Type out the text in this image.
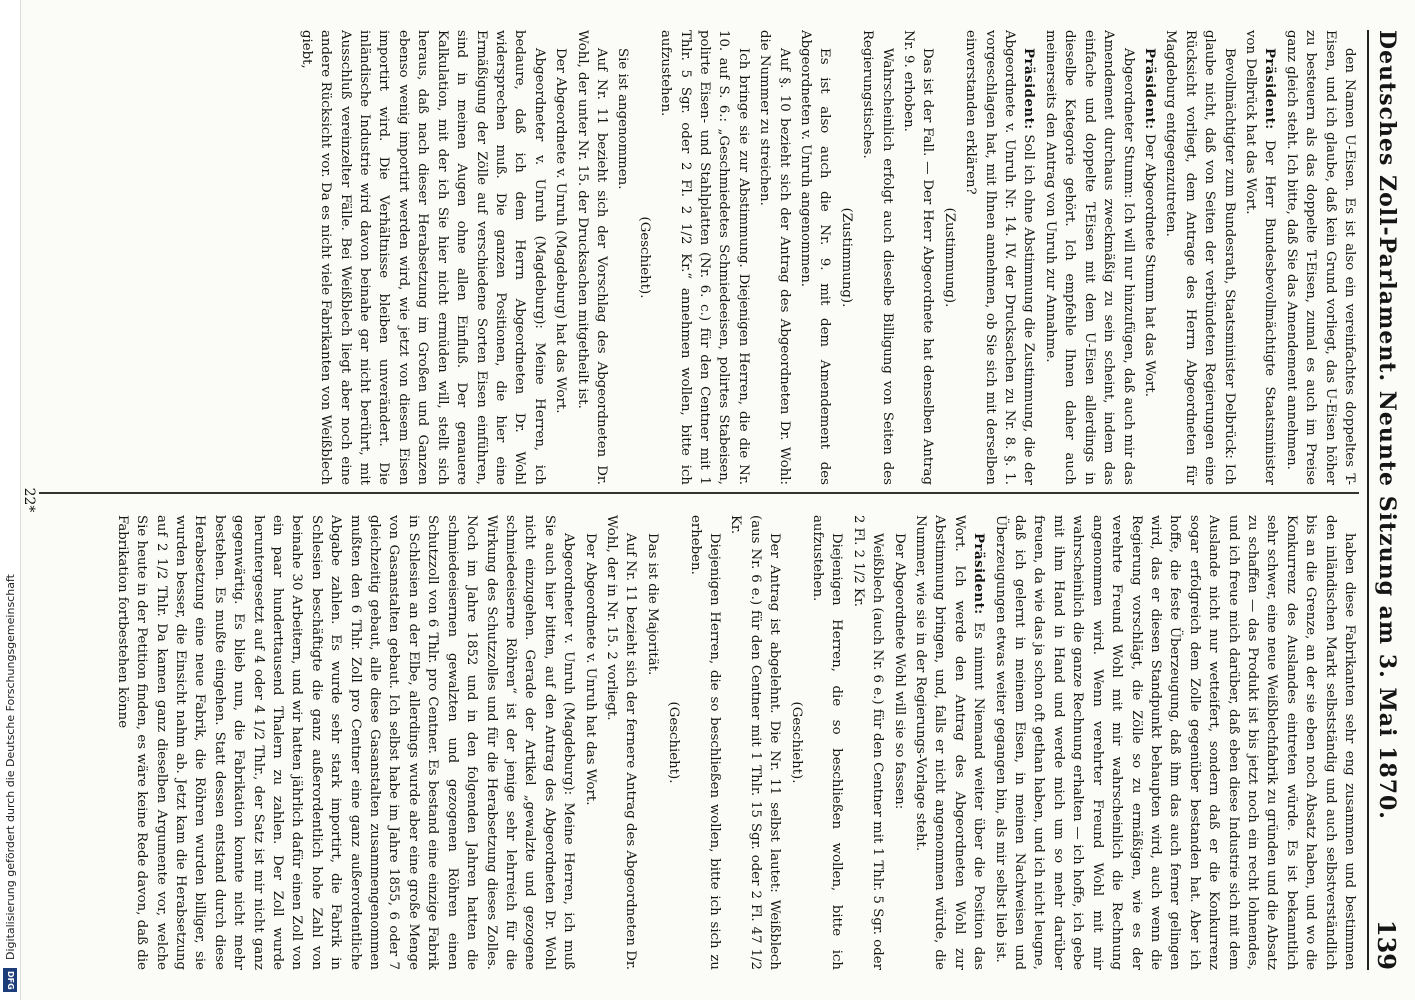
Deutsches Zoll-Parlament. Neunte Sitzung am 3. Mai 1870.
139

den Namen U-Eisen. Es ist also ein vereinfachtes doppeltes T-Eisen, und ich glaube, daß kein Grund vorliegt, das U-Eisen höher zu besteuern als das doppelte T-Eisen, zumal es auch im Preise ganz gleich steht. Ich bitte, daß Sie das Amendement annehmen.

Präsident: Der Herr Bundesbevollmächtigte Staatsminister von Delbrück hat das Wort.

Bevollmächtigter zum Bundesrath, Staatsminister Delbrück: Ich glaube nicht, daß von Seiten der verbündeten Regierungen eine Rücksicht vorliegt, dem Antrage des Herrn Abgeordneten für Magdeburg entgegenzutreten.

Präsident: Der Abgeordnete Stumm hat das Wort.

Abgeordneter Stumm: Ich will nur hinzufügen, daß auch mir das Amendement durchaus zweckmäßig zu sein scheint, indem das einfache und doppelte T-Eisen mit dem U-Eisen allerdings in dieselbe Kategorie gehört. Ich empfehle Ihnen daher auch meinerseits den Antrag von Unruh zur Annahme.

Präsident: Soll ich ohne Abstimmung die Zustimmung, die der Abgeordnete v. Unruh Nr. 14. IV. der Drucksachen zu Nr. 8. §. 1. vorgeschlagen hat, mit Ihnen annehmen, ob Sie sich mit derselben einverstanden erklären?

(Zustimmung).

Das ist der Fall. — Der Herr Abgeordnete hat denselben Antrag Nr. 9. erhoben.

Wahrscheinlich erfolgt auch dieselbe Billigung von Seiten des Regierungstisches.

(Zustimmung).

Es ist also auch die Nr. 9. mit dem Amendement des Abgeordneten v. Unruh angenommen.

Auf §. 10 bezieht sich der Antrag des Abgeordneten Dr. Wohl: die Nummer zu streichen.

Ich bringe sie zur Abstimmung. Diejenigen Herren, die die Nr. 10. auf S. 6.: „Geschmiedetes Schmiedeeisen, polirtes Stabeisen, polirte Eisen- und Stahlplatten (Nr. 6. c.) für den Centner mit 1 Thlr. 5 Sgr. oder 2 Fl. 2 1/2 Kr.“ annehmen wollen, bitte ich aufzustehen.

(Geschieht).

Sie ist angenommen.

Auf Nr. 11 bezieht sich der Vorschlag des Abgeordneten Dr. Wohl, der unter Nr. 15. der Drucksachen mitgetheilt ist.

Der Abgeordnete v. Unruh (Magdeburg) hat das Wort.

Abgeordneter v. Unruh (Magdeburg): Meine Herren, ich bedaure, daß ich dem Herrn Abgeordneten Dr. Wohl widersprechen muß. Die ganzen Positionen, die hier eine Ermäßigung der Zölle auf verschiedene Sorten Eisen einführen, sind in meinen Augen ohne allen Einfluß. Der genauere Kalkulation, mit der ich Sie hier nicht ermüden will, stellt sich heraus, daß nach dieser Herabsetzung im Großen und Ganzen ebenso wenig importirt werden wird, wie jetzt von diesem Eisen importirt wird. Die Verhältnisse bleiben unverändert. Die inländische Industrie wird davon beinahe gar nicht berührt, mit Ausschluß vereinzelter Fälle. Bei Weißblech liegt aber noch eine andere Rücksicht vor. Da es nicht viele Fabrikanten von Weißblech giebt,

haben diese Fabrikanten sehr eng zusammen und bestimmen den inländischen Markt selbstständig und auch selbstverständlich bis an die Grenze, an der sie eben noch Absatz haben, und wo die Konkurrenz des Auslandes eintreten würde. Es ist bekanntlich sehr schwer, eine neue Weißblechfabrik zu gründen und die Absatz zu schaffen — das Produkt ist bis jetzt noch ein recht lohnendes, und ich freue mich darüber, daß eben diese Industrie sich mit dem Auslande nicht nur wetteifert, sondern daß er die Konkurrenz sogar erfolgreich dem Zolle gegenüber bestanden hat. Aber ich hoffe, die feste Überzeugung, daß ihm das auch ferner gelingen wird, das er diesen Standpunkt behaupten wird, auch wenn die Regierung vorschlägt, die Zölle so zu ermäßigen, wie es der verehrte Freund Wohl mit mir wahrscheinlich die Rechnung angenommen wird. Wenn verehrter Freund Wohl mit mir wahrscheinlich die ganze Rechnung erhalten — ich hoffe, ich gebe mit ihm Hand in Hand und werde mich um so mehr darüber freuen, da wie das ja schon oft gethan haben, und ich nicht leugne, daß ich gelernt in meinem Eisen, in meinen Nachweisen und Überzeugungen etwas weiter gegangen bin, als mir selbst lieb ist.

Präsident: Es nimmt Niemand weiter über die Position das Wort. Ich werde den Antrag des Abgeordneten Wohl zur Abstimmung bringen, und, falls er nicht angenommen würde, die Nummer, wie sie in der Regierungs-Vorlage steht.

Der Abgeordnete Wohl will sie so fassen:

Weißblech (auch Nr. 6 e.) für den Centner mit 1 Thlr. 5 Sgr. oder 2 Fl. 2 1/2 Kr.

Diejenigen Herren, die so beschließen wollen, bitte ich aufzustehen.

(Geschieht).

Der Antrag ist abgelehnt. Die Nr. 11 selbst lautet: Weißblech (aus Nr. 6 e.) für den Centner mit 1 Thlr. 15 Sgr. oder 2 Fl. 47 1/2 Kr.

Diejenigen Herren, die so beschließen wollen, bitte ich sich zu erheben.

(Geschieht).

Das ist die Majorität.

Auf Nr. 11 bezieht sich der fernere Antrag des Abgeordneten Dr. Wohl, der in Nr. 15. 2 vorliegt.

Der Abgeordnete v. Unruh hat das Wort.

Abgeordneter v. Unruh (Magdeburg): Meine Herren, ich muß Sie auch hier bitten, auf den Antrag des Abgeordneten Dr. Wohl nicht einzugehen. Gerade der Artikel „gewalzte und gezogene schmiedeeiserne Röhren“ ist der jenige sehr lehrreich für die Wirkung des Schutzzolles und für die Herabsetzung dieses Zolles. Noch im Jahre 1852 und in den folgenden Jahren hatten die schmiedeeisernen gewalzten und gezogenen Röhren einen Schutzzoll von 6 Thlr. pro Centner. Es bestand eine einzige Fabrik in Schlesien an der Elbe, allerdings wurde aber eine große Menge von Gasanstalten gebaut. Ich selbst habe im Jahre 1855, 6 oder 7 gleichzeitig gebaut, alle diese Gasanstalten zusammengenommen mußten den 6 Thlr. Zoll pro Centner eine ganz außerordentliche Abgabe zahlen. Es wurde sehr stark importirt, die Fabrik in Schlesien beschäftigte die ganz außerordentlich hohe Zahl von beinahe 30 Arbeitern, und wir hatten jährlich dafür einen Zoll von ein paar hunderttausend Thalern zu zahlen. Der Zoll wurde heruntergesetzt auf 4 oder 4 1/2 Thlr., der Satz ist mir nicht ganz gegenwärtig. Es blieb nun, die Fabrikation konnte nicht mehr bestehen. Es mußte eingehen. Statt dessen entstand durch diese Herabsetzung eine neue Fabrik, die Röhren wurden billiger, sie wurden besser, die Einsicht nahm ab. Jetzt kam die Herabsetzung auf 2 1/2 Thlr. Da kamen ganz dieselben Argumente vor, welche Sie heute in der Petition finden, es wäre keine Rede davon, daß die Fabrikation fortbestehen könne

22*
Digitalisierung gefördert durch die Deutsche Forschungsgemeinschaft
DFG
